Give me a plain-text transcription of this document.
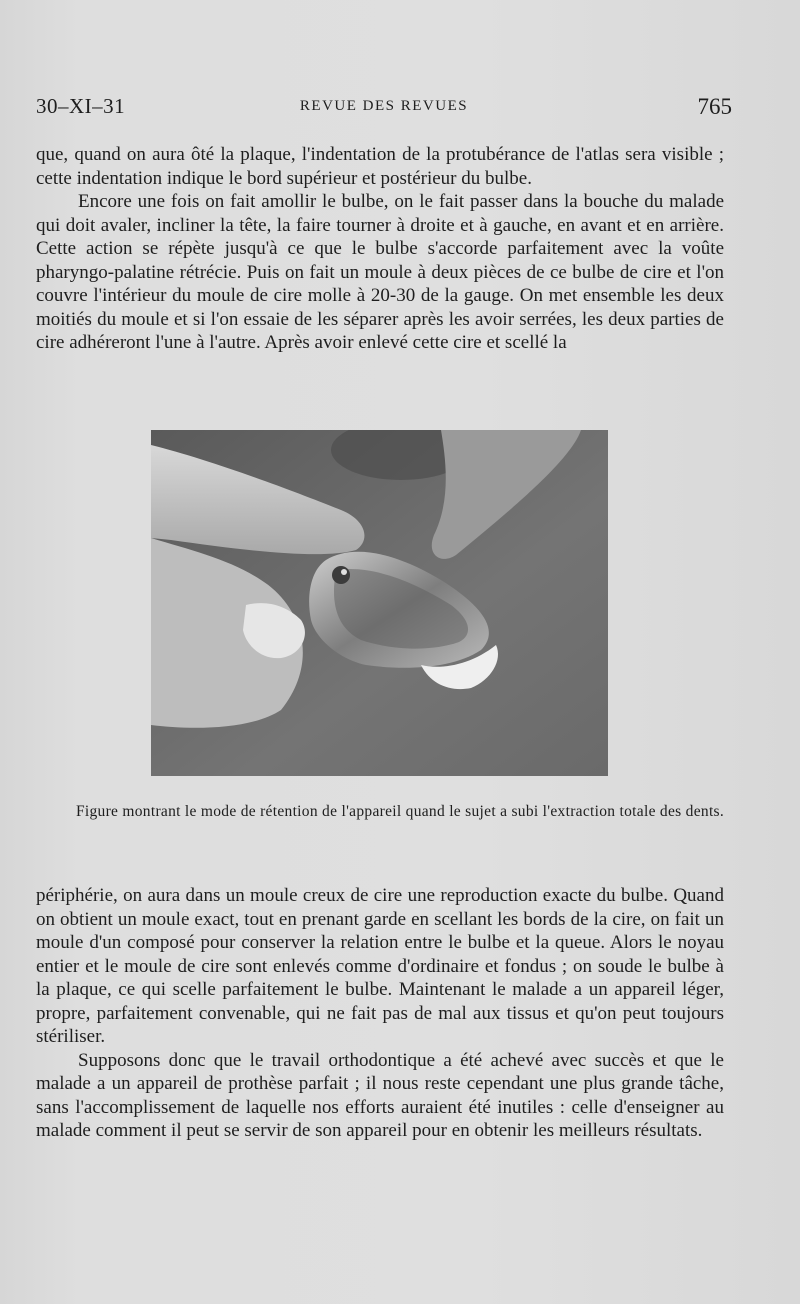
30–XI–31	REVUE DES REVUES	765

que, quand on aura ôté la plaque, l'indentation de la protubérance de l'atlas sera visible ; cette indentation indique le bord supérieur et postérieur du bulbe.

Encore une fois on fait amollir le bulbe, on le fait passer dans la bouche du malade qui doit avaler, incliner la tête, la faire tourner à droite et à gauche, en avant et en arrière. Cette action se répète jusqu'à ce que le bulbe s'accorde parfaitement avec la voûte pharyngo-palatine rétrécie. Puis on fait un moule à deux pièces de ce bulbe de cire et l'on couvre l'intérieur du moule de cire molle à 20-30 de la gauge. On met ensemble les deux moitiés du moule et si l'on essaie de les séparer après les avoir serrées, les deux parties de cire adhéreront l'une à l'autre. Après avoir enlevé cette cire et scellé la

Figure montrant le mode de rétention de l'appareil quand le sujet a subi l'extraction totale des dents.

périphérie, on aura dans un moule creux de cire une reproduction exacte du bulbe. Quand on obtient un moule exact, tout en prenant garde en scellant les bords de la cire, on fait un moule d'un composé pour conserver la relation entre le bulbe et la queue. Alors le noyau entier et le moule de cire sont enlevés comme d'ordinaire et fondus ; on soude le bulbe à la plaque, ce qui scelle parfaitement le bulbe. Maintenant le malade a un appareil léger, propre, parfaitement convenable, qui ne fait pas de mal aux tissus et qu'on peut toujours stériliser.

Supposons donc que le travail orthodontique a été achevé avec succès et que le malade a un appareil de prothèse parfait ; il nous reste cependant une plus grande tâche, sans l'accomplissement de laquelle nos efforts auraient été inutiles : celle d'enseigner au malade comment il peut se servir de son appareil pour en obtenir les meilleurs résultats.
